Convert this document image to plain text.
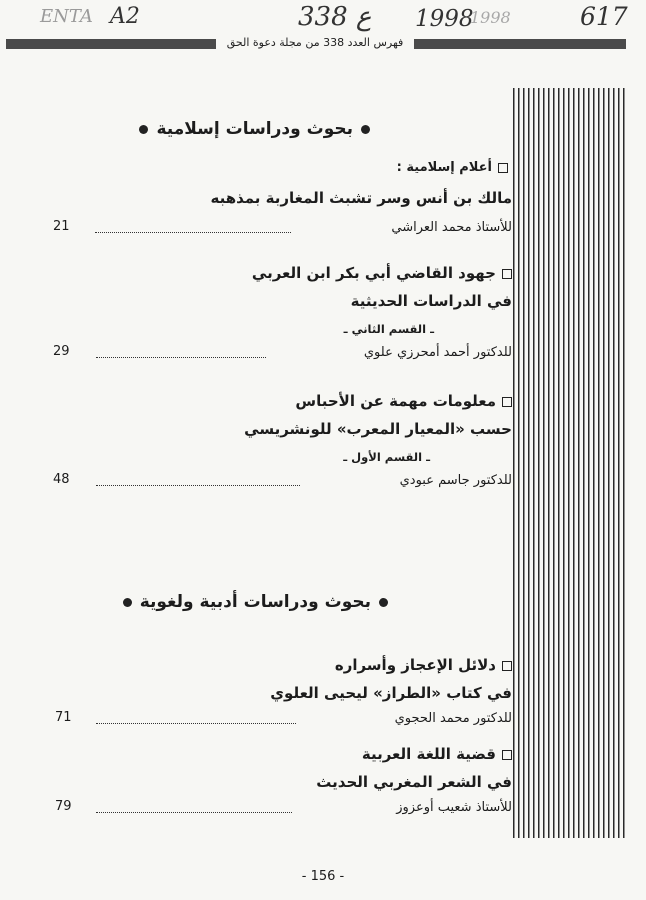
ENTA A2	338 ع 1998
1998	617
فهرس العدد 338 من مجلة دعوة الحق
بحوث ودراسات إسلامية
أعلام إسلامية :
مالك بن أنس وسر تشبث المغاربة بمذهبه
للأستاذ محمد العراشي
21
جهود القاضي أبي بكر ابن العربي
في الدراسات الحديثية
ـ القسم الثاني ـ
للدكتور أحمد أمحرزي علوي
29
معلومات مهمة عن الأحباس
حسب «المعيار المعرب» للونشريسي
ـ القسم الأول ـ
للدكتور جاسم عبودي
48
بحوث ودراسات أدبية ولغوية
دلائل الإعجاز وأسراره
في كتاب «الطراز» ليحيى العلوي
للدكتور محمد الحجوي
71
قضية اللغة العربية
في الشعر المغربي الحديث
للأستاذ شعيب أوعزوز
79
- 156 -
